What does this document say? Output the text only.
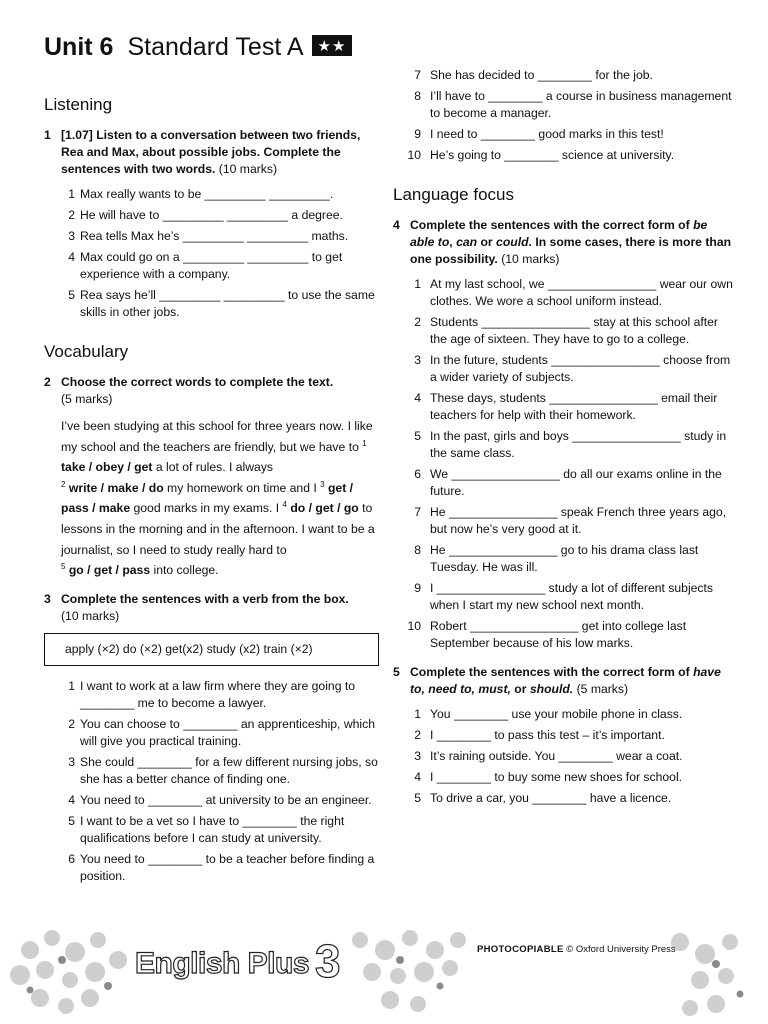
Unit 6 Standard Test A ★★
Listening
1 [1.07] Listen to a conversation between two friends, Rea and Max, about possible jobs. Complete the sentences with two words. (10 marks)
1 Max really wants to be _________ _________.
2 He will have to _________ _________ a degree.
3 Rea tells Max he’s _________ _________ maths.
4 Max could go on a _________ _________ to get experience with a company.
5 Rea says he’ll _________ _________ to use the same skills in other jobs.
Vocabulary
2 Choose the correct words to complete the text.
(5 marks)
I’ve been studying at this school for three years now. I like my school and the teachers are friendly, but we have to $^1$ take / obey / get a lot of rules. I always
$^2$ write / make / do my homework on time and I $^3$ get / pass / make good marks in my exams. I $^4$ do / get / go to lessons in the morning and in the afternoon. I want to be a journalist, so I need to study really hard to
$^5$ go / get / pass into college.
3 Complete the sentences with a verb from the box.
(10 marks)
apply (×2) do (×2) get(x2) study (x2) train (×2)
1 I want to work at a law firm where they are going to ________ me to become a lawyer.
2 You can choose to ________ an apprenticeship, which will give you practical training.
3 She could ________ for a few different nursing jobs, so she has a better chance of finding one.
4 You need to ________ at university to be an engineer.
5 I want to be a vet so I have to ________ the right qualifications before I can study at university.
6 You need to ________ to be a teacher before finding a position.
7 She has decided to ________ for the job.
8 I’ll have to ________ a course in business management to become a manager.
9 I need to ________ good marks in this test!
10 He’s going to ________ science at university.
Language focus
4 Complete the sentences with the correct form of be able to, can or could. In some cases, there is more than one possibility. (10 marks)
1 At my last school, we ________________ wear our own clothes. We wore a school uniform instead.
2 Students ________________ stay at this school after the age of sixteen. They have to go to a college.
3 In the future, students ________________ choose from a wider variety of subjects.
4 These days, students ________________ email their teachers for help with their homework.
5 In the past, girls and boys ________________ study in the same class.
6 We ________________ do all our exams online in the future.
7 He ________________ speak French three years ago, but now he’s very good at it.
8 He ________________ go to his drama class last Tuesday. He was ill.
9 I ________________ study a lot of different subjects when I start my new school next month.
10 Robert ________________ get into college last September because of his low marks.
5 Complete the sentences with the correct form of have to, need to, must, or should. (5 marks)
1 You ________ use your mobile phone in class.
2 I ________ to pass this test – it’s important.
3 It’s raining outside. You ________ wear a coat.
4 I ________ to buy some new shoes for school.
5 To drive a car, you ________ have a licence.
English Plus 3	PHOTOCOPIABLE © Oxford University Press
